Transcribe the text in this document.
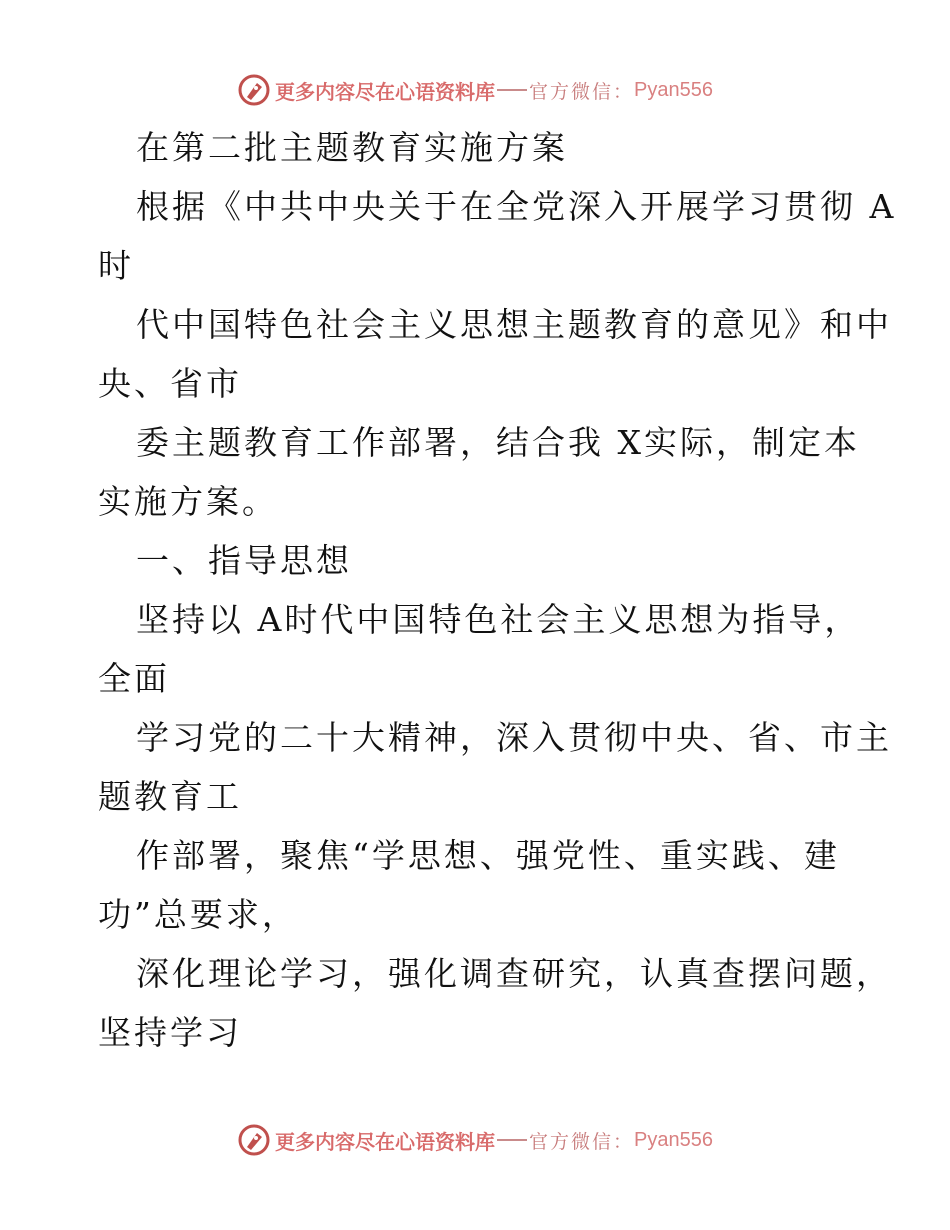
更多内容尽在心语资料库 官方微信： Pyan556
在第二批主题教育实施方案
根据《中共中央关于在全党深入开展学习贯彻 A
时
代中国特色社会主义思想主题教育的意见》和中
央、省市
委主题教育工作部署，结合我 X实际，制定本
实施方案。
一、指导思想
坚持以 A时代中国特色社会主义思想为指导，
全面
学习党的二十大精神，深入贯彻中央、省、市主
题教育工
作部署，聚焦“学思想、强党性、重实践、建
功”总要求，
深化理论学习，强化调查研究，认真查摆问题，
坚持学习
更多内容尽在心语资料库 官方微信： Pyan556
